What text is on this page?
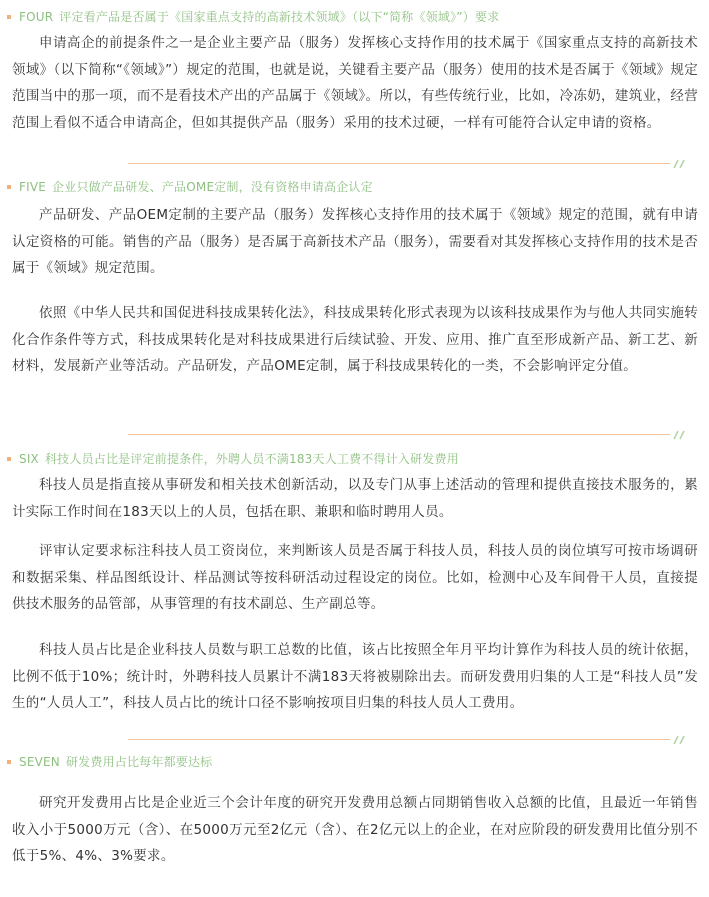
FOUR 评定看产品是否属于《国家重点支持的高新技术领域》（以下“简称《领域》”）要求

申请高企的前提条件之一是企业主要产品（服务）发挥核心支持作用的技术属于《国家重点支持的高新技术领域》（以下简称“《领域》”）规定的范围，也就是说，关键看主要产品（服务）使用的技术是否属于《领域》规定范围当中的那一项，而不是看技术产出的产品属于《领域》。所以，有些传统行业，比如，冷冻奶，建筑业，经营范围上看似不适合申请高企，但如其提供产品（服务）采用的技术过硬，一样有可能符合认定申请的资格。

FIVE 企业只做产品研发、产品OME定制，没有资格申请高企认定

产品研发、产品OEM定制的主要产品（服务）发挥核心支持作用的技术属于《领域》规定的范围，就有申请认定资格的可能。销售的产品（服务）是否属于高新技术产品（服务），需要看对其发挥核心支持作用的技术是否属于《领域》规定范围。

依照《中华人民共和国促进科技成果转化法》，科技成果转化形式表现为以该科技成果作为与他人共同实施转化合作条件等方式，科技成果转化是对科技成果进行后续试验、开发、应用、推广直至形成新产品、新工艺、新材料，发展新产业等活动。产品研发，产品OME定制，属于科技成果转化的一类，不会影响评定分值。

SIX 科技人员占比是评定前提条件，外聘人员不满183天人工费不得计入研发费用

科技人员是指直接从事研发和相关技术创新活动，以及专门从事上述活动的管理和提供直接技术服务的，累计实际工作时间在183天以上的人员，包括在职、兼职和临时聘用人员。

评审认定要求标注科技人员工资岗位，来判断该人员是否属于科技人员，科技人员的岗位填写可按市场调研和数据采集、样品图纸设计、样品测试等按科研活动过程设定的岗位。比如，检测中心及车间骨干人员，直接提供技术服务的品管部，从事管理的有技术副总、生产副总等。

科技人员占比是企业科技人员数与职工总数的比值，该占比按照全年月平均计算作为科技人员的统计依据，比例不低于10%；统计时，外聘科技人员累计不满183天将被剔除出去。而研发费用归集的人工是“科技人员”发生的“人员人工”，科技人员占比的统计口径不影响按项目归集的科技人员人工费用。

SEVEN 研发费用占比每年都要达标

研究开发费用占比是企业近三个会计年度的研究开发费用总额占同期销售收入总额的比值，且最近一年销售收入小于5000万元（含）、在5000万元至2亿元（含）、在2亿元以上的企业，在对应阶段的研发费用比值分别不低于5%、4%、3%要求。
